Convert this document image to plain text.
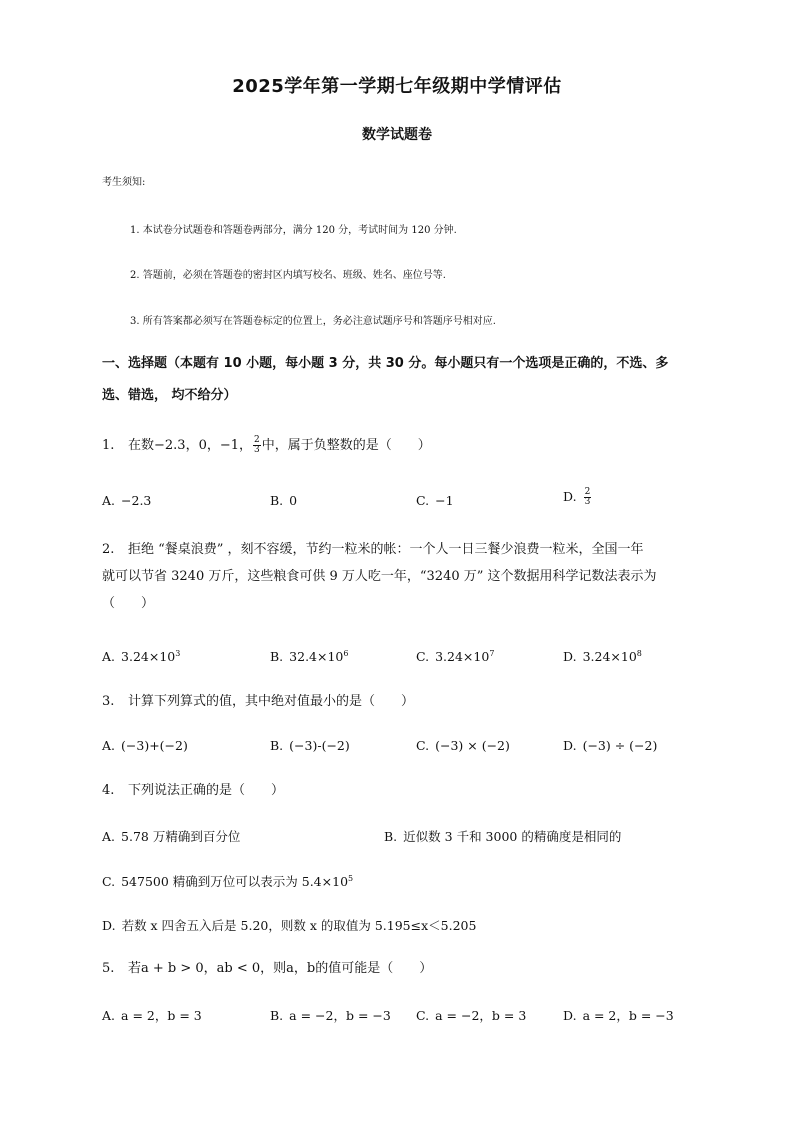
2025学年第一学期七年级期中学情评估
数学试题卷
考生须知:
1. 本试卷分试题卷和答题卷两部分，满分 120 分，考试时间为 120 分钟.
2. 答题前，必须在答题卷的密封区内填写校名、班级、姓名、座位号等.
3. 所有答案都必须写在答题卷标定的位置上，务必注意试题序号和答题序号相对应.
一、选择题（本题有 10 小题，每小题 3 分，共 30 分。每小题只有一个选项是正确的，不选、多
选、错选， 均不给分）
1. 在数−2.3，0，−1， $\frac{2}{3}$ 中，属于负整数的是（　　）
A. −2.3	B. 0	C. −1	D. $\frac{2}{3}$
2. 拒绝 “餐桌浪费” ，刻不容缓，节约一粒米的帐：一个人一日三餐少浪费一粒米，全国一年
就可以节省 3240 万斤，这些粮食可供 9 万人吃一年，“3240 万” 这个数据用科学记数法表示为
（　　）
A. $3.24\times 10^3$	B. $32.4\times 10^6$	C. $3.24\times 10^7$	D. $3.24\times 10^8$
3. 计算下列算式的值，其中绝对值最小的是（　　）
A. (−3)+(−2)	B. (−3)-(−2)	C. (−3) × (−2)	D. (−3) ÷ (−2)
4. 下列说法正确的是（　　）
A. 5.78 万精确到百分位	B. 近似数 3 千和 3000 的精确度是相同的
C. 547500 精确到万位可以表示为 $5.4\times 10^5$
D. 若数 x 四舍五入后是 5.20，则数 x 的取值为 5.195≤x＜5.205
5. 若a + b > 0，ab < 0，则a，b的值可能是（　　）
A. a = 2，b = 3	B. a = −2，b = −3 C. a = −2，b = 3	D. a = 2，b = −3
